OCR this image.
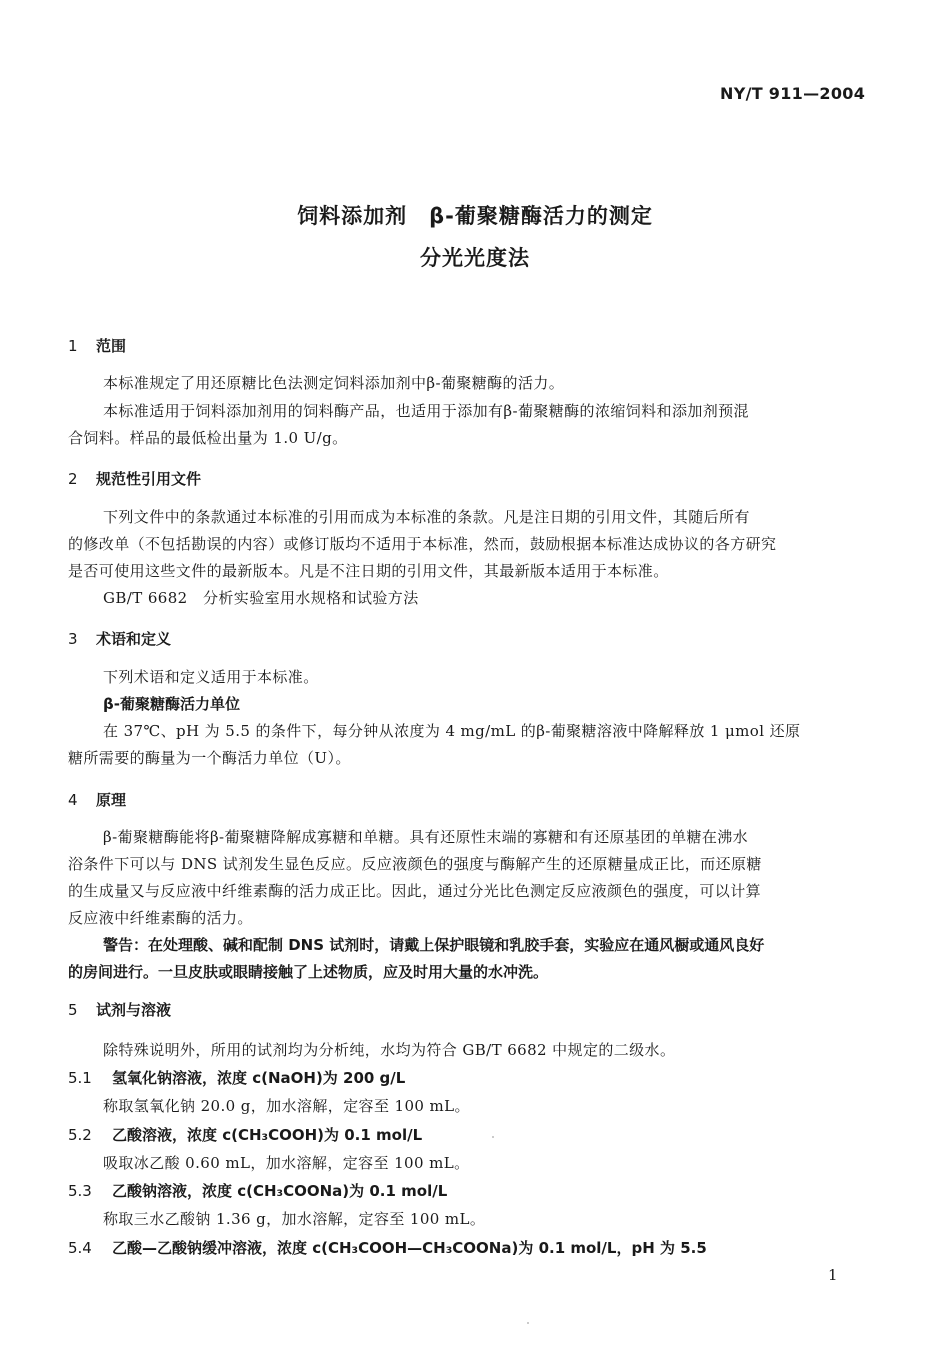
NY/T 911—2004
饲料添加剂　β-葡聚糖酶活力的测定
分光光度法
1 范围
本标准规定了用还原糖比色法测定饲料添加剂中β-葡聚糖酶的活力。
本标准适用于饲料添加剂用的饲料酶产品，也适用于添加有β-葡聚糖酶的浓缩饲料和添加剂预混
合饲料。样品的最低检出量为 1.0 U/g。
2 规范性引用文件
下列文件中的条款通过本标准的引用而成为本标准的条款。凡是注日期的引用文件，其随后所有
的修改单（不包括勘误的内容）或修订版均不适用于本标准，然而，鼓励根据本标准达成协议的各方研究
是否可使用这些文件的最新版本。凡是不注日期的引用文件，其最新版本适用于本标准。
GB/T 6682　分析实验室用水规格和试验方法
3 术语和定义
下列术语和定义适用于本标准。
β-葡聚糖酶活力单位
在 37℃、pH 为 5.5 的条件下，每分钟从浓度为 4 mg/mL 的β-葡聚糖溶液中降解释放 1 μmol 还原
糖所需要的酶量为一个酶活力单位（U）。
4 原理
β-葡聚糖酶能将β-葡聚糖降解成寡糖和单糖。具有还原性末端的寡糖和有还原基团的单糖在沸水
浴条件下可以与 DNS 试剂发生显色反应。反应液颜色的强度与酶解产生的还原糖量成正比，而还原糖
的生成量又与反应液中纤维素酶的活力成正比。因此，通过分光比色测定反应液颜色的强度，可以计算
反应液中纤维素酶的活力。
警告：在处理酸、碱和配制 DNS 试剂时，请戴上保护眼镜和乳胶手套，实验应在通风橱或通风良好
的房间进行。一旦皮肤或眼睛接触了上述物质，应及时用大量的水冲洗。
5 试剂与溶液
除特殊说明外，所用的试剂均为分析纯，水均为符合 GB/T 6682 中规定的二级水。
5.1 氢氧化钠溶液，浓度 c(NaOH)为 200 g/L
称取氢氧化钠 20.0 g，加水溶解，定容至 100 mL。
5.2 乙酸溶液，浓度 c(CH₃COOH)为 0.1 mol/L
吸取冰乙酸 0.60 mL，加水溶解，定容至 100 mL。
5.3 乙酸钠溶液，浓度 c(CH₃COONa)为 0.1 mol/L
称取三水乙酸钠 1.36 g，加水溶解，定容至 100 mL。
5.4 乙酸—乙酸钠缓冲溶液，浓度 c(CH₃COOH—CH₃COONa)为 0.1 mol/L，pH 为 5.5
1
